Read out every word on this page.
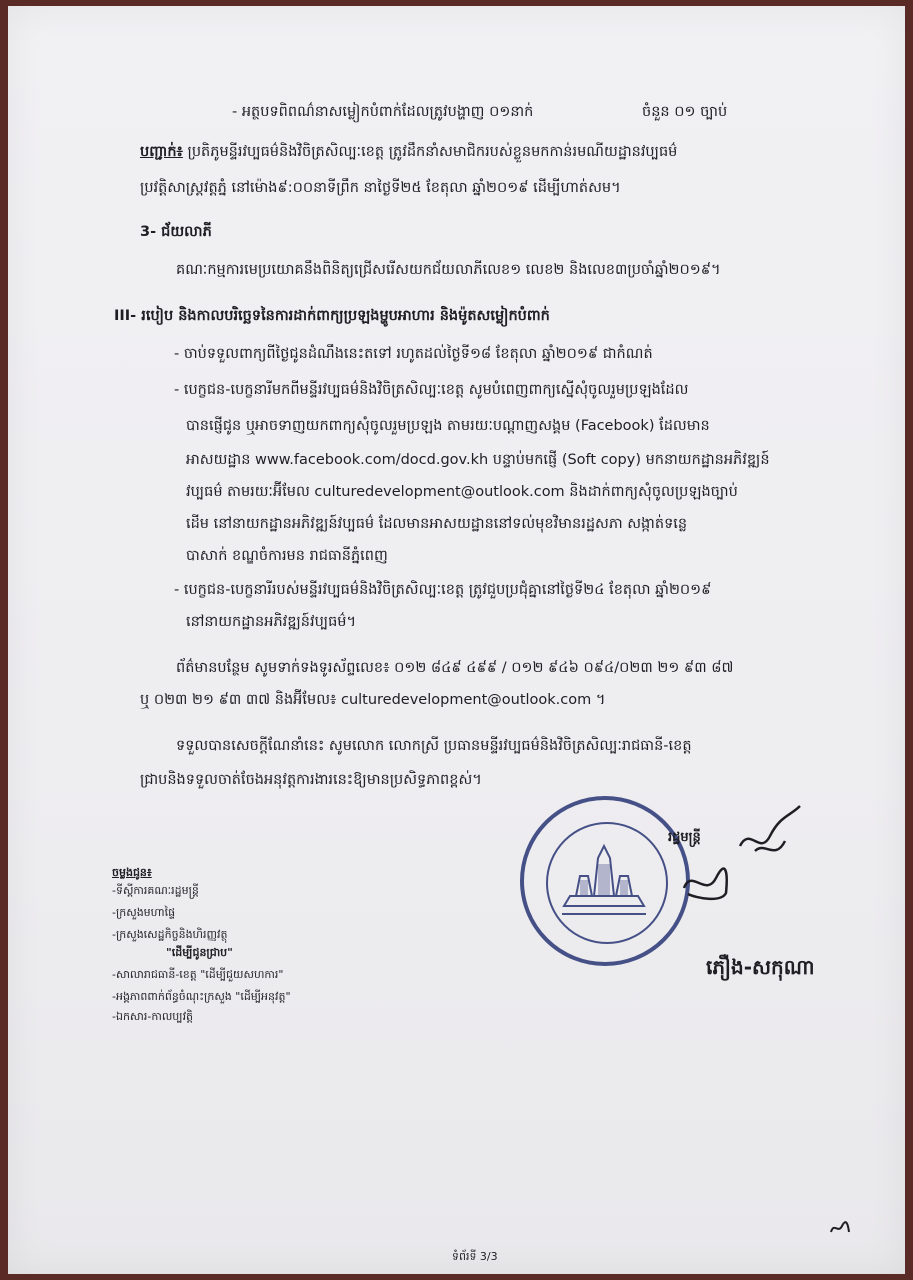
- អត្ថបទពិពណ៌នាសម្លៀកបំពាក់ដែលត្រូវបង្ហាញ ០១នាក់	ចំនួន ០១ ច្បាប់
បញ្ជាក់៖ ប្រតិភូមន្ទីរវប្បធម៌និងវិចិត្រសិល្បៈខេត្ត ត្រូវដឹកនាំសមាជិករបស់ខ្លួនមកកាន់រមណីយដ្ឋានវប្បធម៌
ប្រវត្តិសាស្ត្រវត្តភ្នំ នៅម៉ោង៩:០០នាទីព្រឹក នាថ្ងៃទី២៥ ខែតុលា ឆ្នាំ២០១៩ ដើម្បីហាត់សម។
3- ជ័យលាភី
គណៈកម្មការមេប្រយោគនឹងពិនិត្យជ្រើសរើសយកជ័យលាភីលេខ១ លេខ២ និងលេខ៣ប្រចាំឆ្នាំ២០១៩។
III- របៀប និងកាលបរិច្ឆេទនៃការដាក់ពាក្យប្រឡងម្ហូបអាហារ និងម៉ូតសម្លៀកបំពាក់
- ចាប់ទទួលពាក្យពីថ្ងៃជូនដំណឹងនេះតទៅ រហូតដល់ថ្ងៃទី១៨ ខែតុលា ឆ្នាំ២០១៩ ជាកំណត់
- បេក្ខជន-បេក្ខនារីមកពីមន្ទីរវប្បធម៌និងវិចិត្រសិល្បៈខេត្ត សូមបំពេញពាក្យស្នើសុំចូលរួមប្រឡងដែល
បានផ្ញើជូន ឬអាចទាញយកពាក្យសុំចូលរួមប្រឡង តាមរយៈបណ្តាញសង្គម (Facebook) ដែលមាន
អាសយដ្ឋាន www.facebook.com/docd.gov.kh បន្ទាប់មកផ្ញើ (Soft copy) មកនាយកដ្ឋានអភិវឌ្ឍន៍
វប្បធម៌ តាមរយៈអ៊ីមែល culturedevelopment@outlook.com និងដាក់ពាក្យសុំចូលប្រឡងច្បាប់
ដើម នៅនាយកដ្ឋានអភិវឌ្ឍន៍វប្បធម៌ ដែលមានអាសយដ្ឋាននៅទល់មុខវិមានរដ្ឋសភា សង្កាត់ទន្លេ
បាសាក់ ខណ្ឌចំការមន រាជធានីភ្នំពេញ
- បេក្ខជន-បេក្ខនារីរបស់មន្ទីរវប្បធម៌និងវិចិត្រសិល្បៈខេត្ត ត្រូវជួបប្រជុំគ្នានៅថ្ងៃទី២៤ ខែតុលា ឆ្នាំ២០១៩
នៅនាយកដ្ឋានអភិវឌ្ឍន៍វប្បធម៌។
ព័ត៌មានបន្ថែម សូមទាក់ទងទូរស័ព្ទលេខ៖ ០១២ ៨៤៩ ៤៩៩ / ០១២ ៩៤៦ ០៩៤/០២៣ ២១ ៩៣ ៨៧
ឬ ០២៣ ២១ ៩៣ ៣៧ និងអ៊ីមែល៖ culturedevelopment@outlook.com ។
ទទួលបានសេចក្តីណែនាំនេះ សូមលោក លោកស្រី ប្រធានមន្ទីរវប្បធម៌និងវិចិត្រសិល្បៈរាជធានី-ខេត្ត
ជ្រាបនិងទទួលចាត់ចែងអនុវត្តការងារនេះឱ្យមានប្រសិទ្ធភាពខ្ពស់។
រដ្ឋមន្ត្រី
ភឿង-សកុណា
ចម្លងជូន៖
-ទីស្តីការគណៈរដ្ឋមន្ត្រី
-ក្រសួងមហាផ្ទៃ
-ក្រសួងសេដ្ឋកិច្ចនិងហិរញ្ញវត្ថុ
"ដើម្បីជូនជ្រាប"
-សាលារាជធានី-ខេត្ត "ដើម្បីជួយសហការ"
-អង្គភាពពាក់ព័ន្ធចំណុះក្រសួង "ដើម្បីអនុវត្ត"
-ឯកសារ-កាលប្បវត្តិ
ទំព័រទី 3/3
